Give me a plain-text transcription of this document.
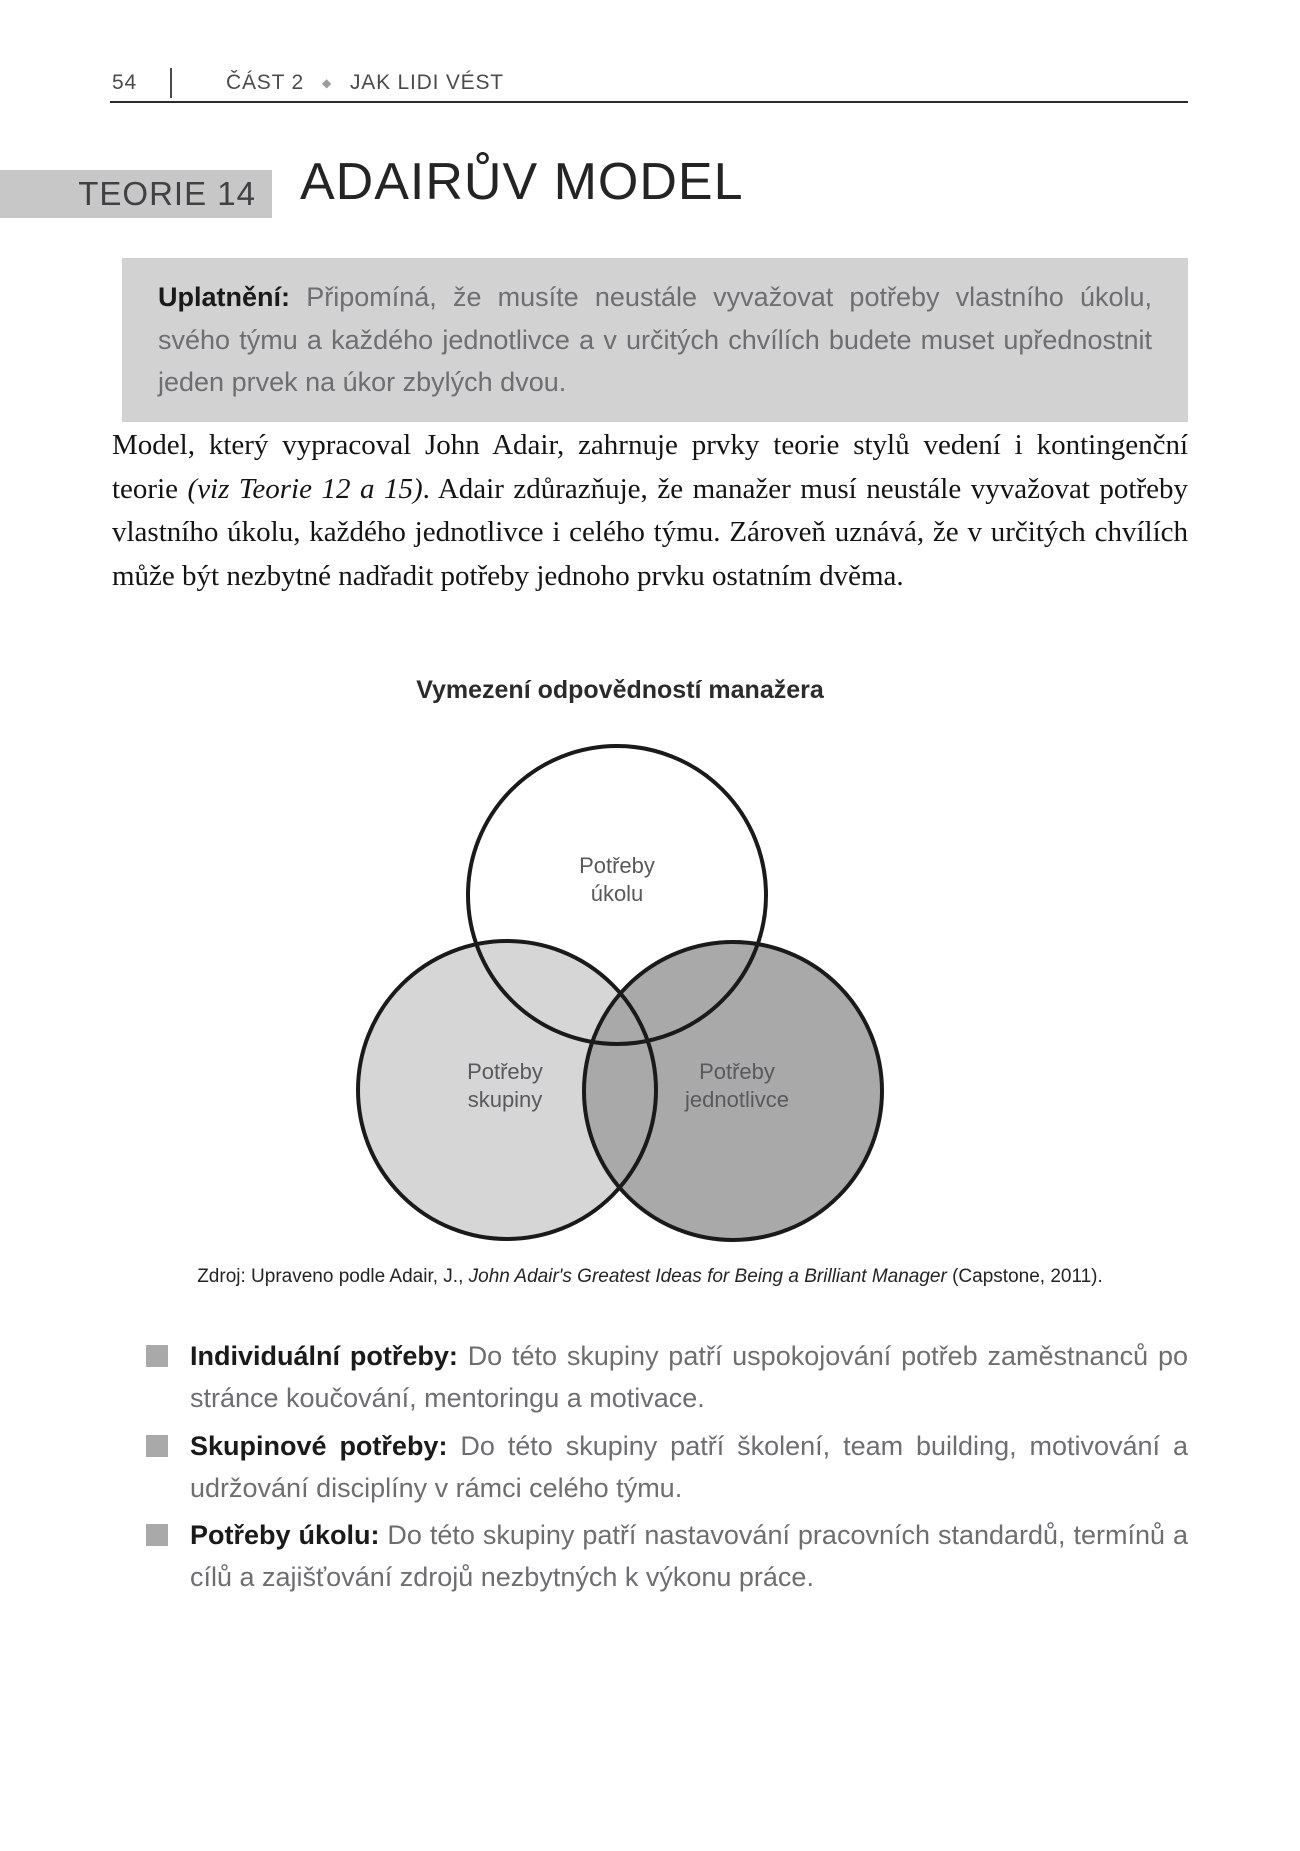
54	ČÁST 2 ◆ JAK LIDI VÉST
TEORIE 14 ADAIRŮV MODEL
Uplatnění: Připomíná, že musíte neustále vyvažovat potřeby vlastního úkolu, svého týmu a každého jednotlivce a v určitých chvílích budete muset upřednostnit jeden prvek na úkor zbylých dvou.

Model, který vypracoval John Adair, zahrnuje prvky teorie stylů vedení i kontingenční teorie (viz Teorie 12 a 15). Adair zdůrazňuje, že manažer musí neustále vyvažovat potřeby vlastního úkolu, každého jednotlivce i celého týmu. Zároveň uznává, že v určitých chvílích může být nezbytné nadřadit potřeby jednoho prvku ostatním dvěma.

Vymezení odpovědností manažera
Potřeby
úkolu
Potřeby
skupiny
Potřeby
jednotlivce

Zdroj: Upraveno podle Adair, J., John Adair's Greatest Ideas for Being a Brilliant Manager (Capstone, 2011).

Individuální potřeby: Do této skupiny patří uspokojování potřeb zaměstnanců po stránce koučování, mentoringu a motivace.
Skupinové potřeby: Do této skupiny patří školení, team building, motivování a udržování disciplíny v rámci celého týmu.
Potřeby úkolu: Do této skupiny patří nastavování pracovních standardů, termínů a cílů a zajišťování zdrojů nezbytných k výkonu práce.
